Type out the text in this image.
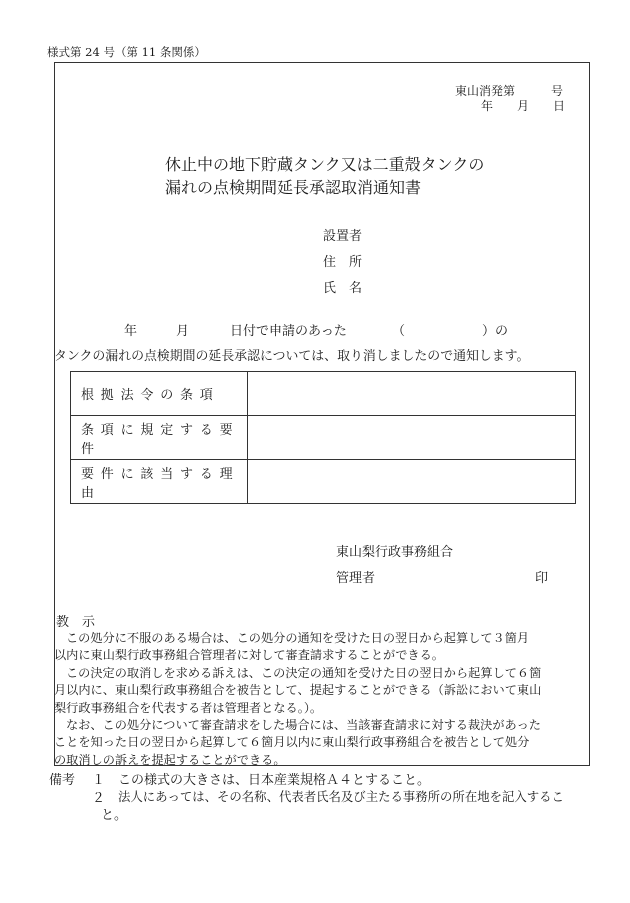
様式第 24 号（第 11 条関係）
東山消発第　　　号
年　　月　　日
休止中の地下貯蔵タンク又は二重殻タンクの
漏れの点検期間延長承認取消通知書
設置者
住　所
氏　名
年	月	日付で申請のあった	（	）の
タンクの漏れの点検期間の延長承認については、取り消しましたので通知します。
根拠法令の条項	
条項に規定する要件	
要件に該当する理由	
東山梨行政事務組合
管理者	印
教　示
この処分に不服のある場合は、この処分の通知を受けた日の翌日から起算して３箇月
以内に東山梨行政事務組合管理者に対して審査請求することができる。
この決定の取消しを求める訴えは、この決定の通知を受けた日の翌日から起算して６箇
月以内に、東山梨行政事務組合を被告として、提起することができる（訴訟において東山
梨行政事務組合を代表する者は管理者となる。）。
なお、この処分について審査請求をした場合には、当該審査請求に対する裁決があった
ことを知った日の翌日から起算して６箇月以内に東山梨行政事務組合を被告として処分
の取消しの訴えを提起することができる。
備考 １ この様式の大きさは、日本産業規格Ａ４とすること。
２ 法人にあっては、その名称、代表者氏名及び主たる事務所の所在地を記入するこ
と。
